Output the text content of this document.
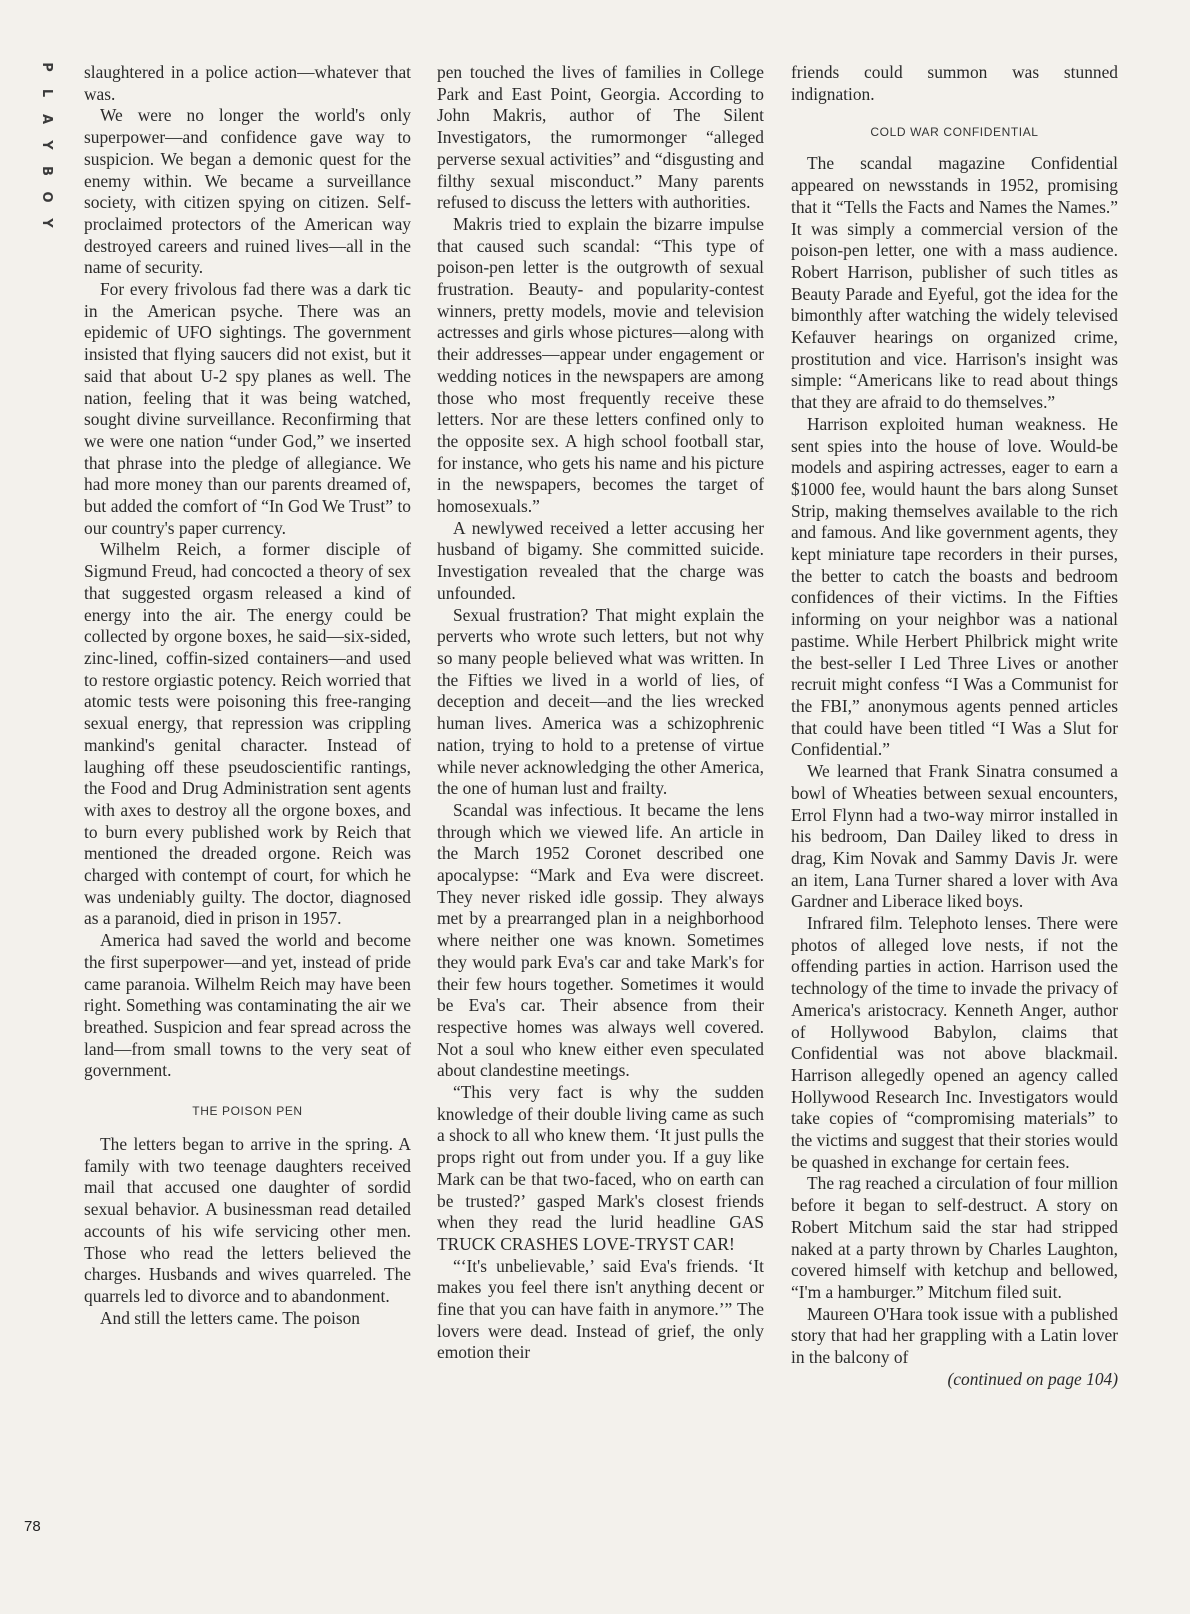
P
L
A
Y
B
O
Y

slaughtered in a police action—whatever that was.

We were no longer the world's only superpower—and confidence gave way to suspicion. We began a demonic quest for the enemy within. We became a surveillance society, with citizen spying on citizen. Self-proclaimed protectors of the American way destroyed careers and ruined lives—all in the name of security.

For every frivolous fad there was a dark tic in the American psyche. There was an epidemic of UFO sightings. The government insisted that flying saucers did not exist, but it said that about U-2 spy planes as well. The nation, feeling that it was being watched, sought divine surveillance. Reconfirming that we were one nation “under God,” we inserted that phrase into the pledge of allegiance. We had more money than our parents dreamed of, but added the comfort of “In God We Trust” to our country's paper currency.

Wilhelm Reich, a former disciple of Sigmund Freud, had concocted a theory of sex that suggested orgasm released a kind of energy into the air. The energy could be collected by orgone boxes, he said—six-sided, zinc-lined, coffin-sized containers—and used to restore orgiastic potency. Reich worried that atomic tests were poisoning this free-ranging sexual energy, that repression was crippling mankind's genital character. Instead of laughing off these pseudoscientific rantings, the Food and Drug Administration sent agents with axes to destroy all the orgone boxes, and to burn every published work by Reich that mentioned the dreaded orgone. Reich was charged with contempt of court, for which he was undeniably guilty. The doctor, diagnosed as a paranoid, died in prison in 1957.

America had saved the world and become the first superpower—and yet, instead of pride came paranoia. Wilhelm Reich may have been right. Something was contaminating the air we breathed. Suspicion and fear spread across the land—from small towns to the very seat of government.

THE POISON PEN

The letters began to arrive in the spring. A family with two teenage daughters received mail that accused one daughter of sordid sexual behavior. A businessman read detailed accounts of his wife servicing other men. Those who read the letters believed the charges. Husbands and wives quarreled. The quarrels led to divorce and to abandonment.

And still the letters came. The poison

pen touched the lives of families in College Park and East Point, Georgia. According to John Makris, author of The Silent Investigators, the rumormonger “alleged perverse sexual activities” and “disgusting and filthy sexual misconduct.” Many parents refused to discuss the letters with authorities.

Makris tried to explain the bizarre impulse that caused such scandal: “This type of poison-pen letter is the outgrowth of sexual frustration. Beauty- and popularity-contest winners, pretty models, movie and television actresses and girls whose pictures—along with their addresses—appear under engagement or wedding notices in the newspapers are among those who most frequently receive these letters. Nor are these letters confined only to the opposite sex. A high school football star, for instance, who gets his name and his picture in the newspapers, becomes the target of homosexuals.”

A newlywed received a letter accusing her husband of bigamy. She committed suicide. Investigation revealed that the charge was unfounded.

Sexual frustration? That might explain the perverts who wrote such letters, but not why so many people believed what was written. In the Fifties we lived in a world of lies, of deception and deceit—and the lies wrecked human lives. America was a schizophrenic nation, trying to hold to a pretense of virtue while never acknowledging the other America, the one of human lust and frailty.

Scandal was infectious. It became the lens through which we viewed life. An article in the March 1952 Coronet described one apocalypse: “Mark and Eva were discreet. They never risked idle gossip. They always met by a prearranged plan in a neighborhood where neither one was known. Sometimes they would park Eva's car and take Mark's for their few hours together. Sometimes it would be Eva's car. Their absence from their respective homes was always well covered. Not a soul who knew either even speculated about clandestine meetings.

“This very fact is why the sudden knowledge of their double living came as such a shock to all who knew them. ‘It just pulls the props right out from under you. If a guy like Mark can be that two-faced, who on earth can be trusted?’ gasped Mark's closest friends when they read the lurid headline GAS TRUCK CRASHES LOVE-TRYST CAR!

“‘It's unbelievable,’ said Eva's friends. ‘It makes you feel there isn't anything decent or fine that you can have faith in anymore.’” The lovers were dead. Instead of grief, the only emotion their

friends could summon was stunned indignation.

COLD WAR CONFIDENTIAL

The scandal magazine Confidential appeared on newsstands in 1952, promising that it “Tells the Facts and Names the Names.” It was simply a commercial version of the poison-pen letter, one with a mass audience. Robert Harrison, publisher of such titles as Beauty Parade and Eyeful, got the idea for the bimonthly after watching the widely televised Kefauver hearings on organized crime, prostitution and vice. Harrison's insight was simple: “Americans like to read about things that they are afraid to do themselves.”

Harrison exploited human weakness. He sent spies into the house of love. Would-be models and aspiring actresses, eager to earn a $1000 fee, would haunt the bars along Sunset Strip, making themselves available to the rich and famous. And like government agents, they kept miniature tape recorders in their purses, the better to catch the boasts and bedroom confidences of their victims. In the Fifties informing on your neighbor was a national pastime. While Herbert Philbrick might write the best-seller I Led Three Lives or another recruit might confess “I Was a Communist for the FBI,” anonymous agents penned articles that could have been titled “I Was a Slut for Confidential.”

We learned that Frank Sinatra consumed a bowl of Wheaties between sexual encounters, Errol Flynn had a two-way mirror installed in his bedroom, Dan Dailey liked to dress in drag, Kim Novak and Sammy Davis Jr. were an item, Lana Turner shared a lover with Ava Gardner and Liberace liked boys.

Infrared film. Telephoto lenses. There were photos of alleged love nests, if not the offending parties in action. Harrison used the technology of the time to invade the privacy of America's aristocracy. Kenneth Anger, author of Hollywood Babylon, claims that Confidential was not above blackmail. Harrison allegedly opened an agency called Hollywood Research Inc. Investigators would take copies of “compromising materials” to the victims and suggest that their stories would be quashed in exchange for certain fees.

The rag reached a circulation of four million before it began to self-destruct. A story on Robert Mitchum said the star had stripped naked at a party thrown by Charles Laughton, covered himself with ketchup and bellowed, “I'm a hamburger.” Mitchum filed suit.

Maureen O'Hara took issue with a published story that had her grappling with a Latin lover in the balcony of

(continued on page 104)

78
